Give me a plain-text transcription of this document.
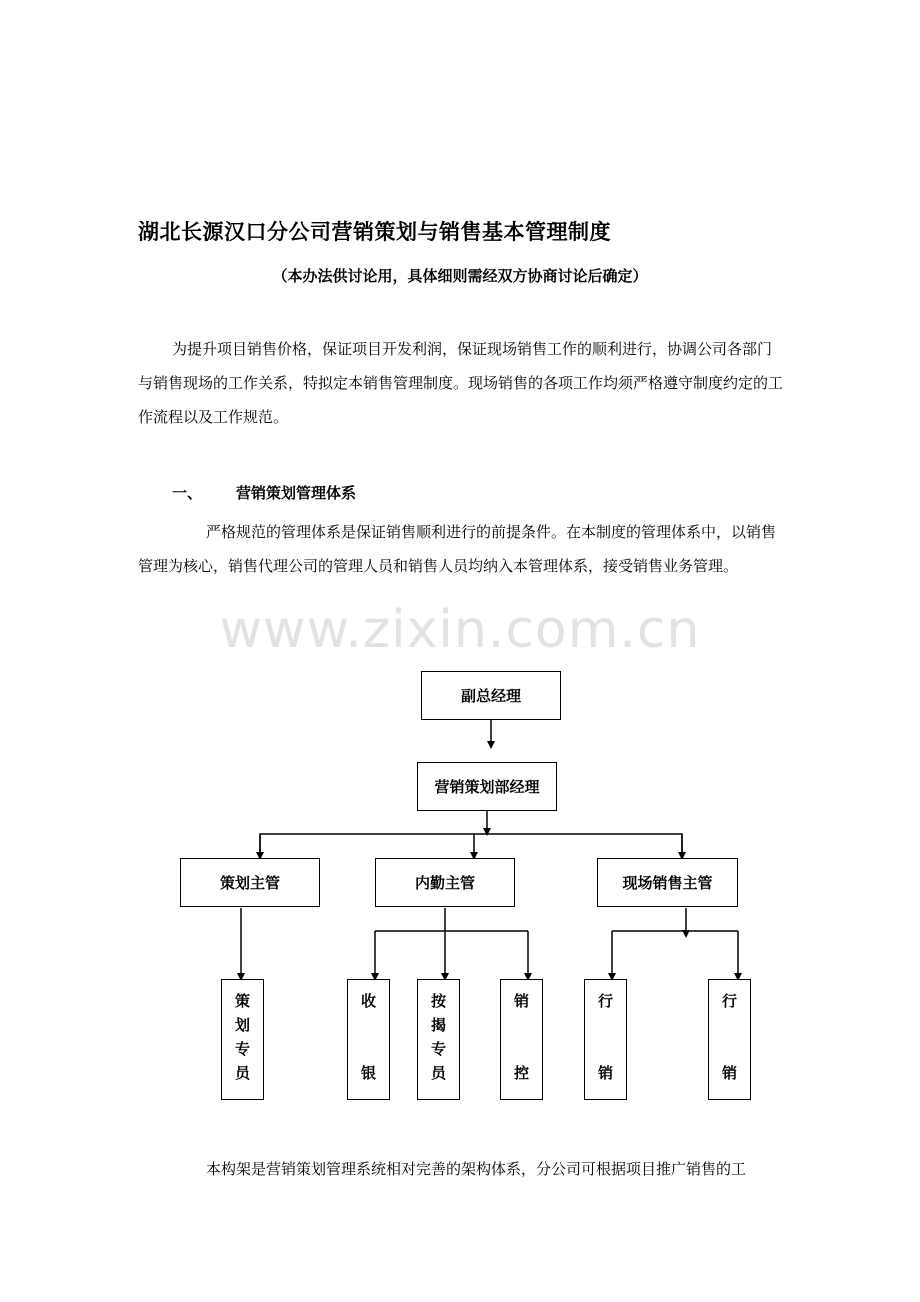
湖北长源汉口分公司营销策划与销售基本管理制度
（本办法供讨论用，具体细则需经双方协商讨论后确定）

为提升项目销售价格，保证项目开发利润，保证现场销售工作的顺利进行，协调公司各部门与销售现场的工作关系，特拟定本销售管理制度。现场销售的各项工作均须严格遵守制度约定的工作流程以及工作规范。

一、 营销策划管理体系

严格规范的管理体系是保证销售顺利进行的前提条件。在本制度的管理体系中，以销售管理为核心，销售代理公司的管理人员和销售人员均纳入本管理体系，接受销售业务管理。

www.zixin.com.cn
副总经理
营销策划部经理
策划主管	内勤主管	现场销售主管
策
划
专
员
收
银
按
揭
专
员
销
控
行
销
行
销

本构架是营销策划管理系统相对完善的架构体系，分公司可根据项目推广销售的工
